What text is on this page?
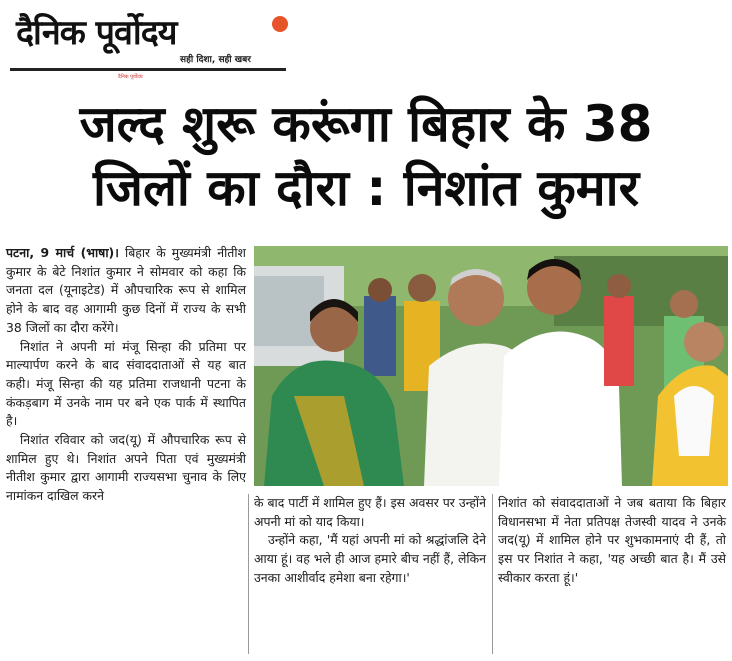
दैनिक पूर्वोदय
सही दिशा, सही खबर
दैनिक पूर्वोदय
जल्द शुरू करूंगा बिहार के 38
जिलों का दौरा : निशांत कुमार

पटना, 9 मार्च (भाषा)। बिहार के मुख्यमंत्री नीतीश कुमार के बेटे निशांत कुमार ने सोमवार को कहा कि जनता दल (यूनाइटेड) में औपचारिक रूप से शामिल होने के बाद वह आगामी कुछ दिनों में राज्य के सभी 38 जिलों का दौरा करेंगे।

निशांत ने अपनी मां मंजू सिन्हा की प्रतिमा पर माल्यार्पण करने के बाद संवाददाताओं से यह बात कही। मंजू सिन्हा की यह प्रतिमा राजधानी पटना के कंकड़बाग में उनके नाम पर बने एक पार्क में स्थापित है।

निशांत रविवार को जद(यू) में औपचारिक रूप से शामिल हुए थे। निशांत अपने पिता एवं मुख्यमंत्री नीतीश कुमार द्वारा आगामी राज्यसभा चुनाव के लिए नामांकन दाखिल करने	के बाद पार्टी में शामिल हुए हैं। इस अवसर पर उन्होंने अपनी मां को याद किया।

उन्होंने कहा, 'मैं यहां अपनी मां को श्रद्धांजलि देने आया हूं। वह भले ही आज हमारे बीच नहीं हैं, लेकिन उनका आशीर्वाद हमेशा बना रहेगा।'

निशांत को संवाददाताओं ने जब बताया कि बिहार विधानसभा में नेता प्रतिपक्ष तेजस्वी यादव ने उनके जद(यू) में शामिल होने पर शुभकामनाएं दी हैं, तो इस पर निशांत ने कहा, 'यह अच्छी बात है। मैं उसे स्वीकार करता हूं।'
